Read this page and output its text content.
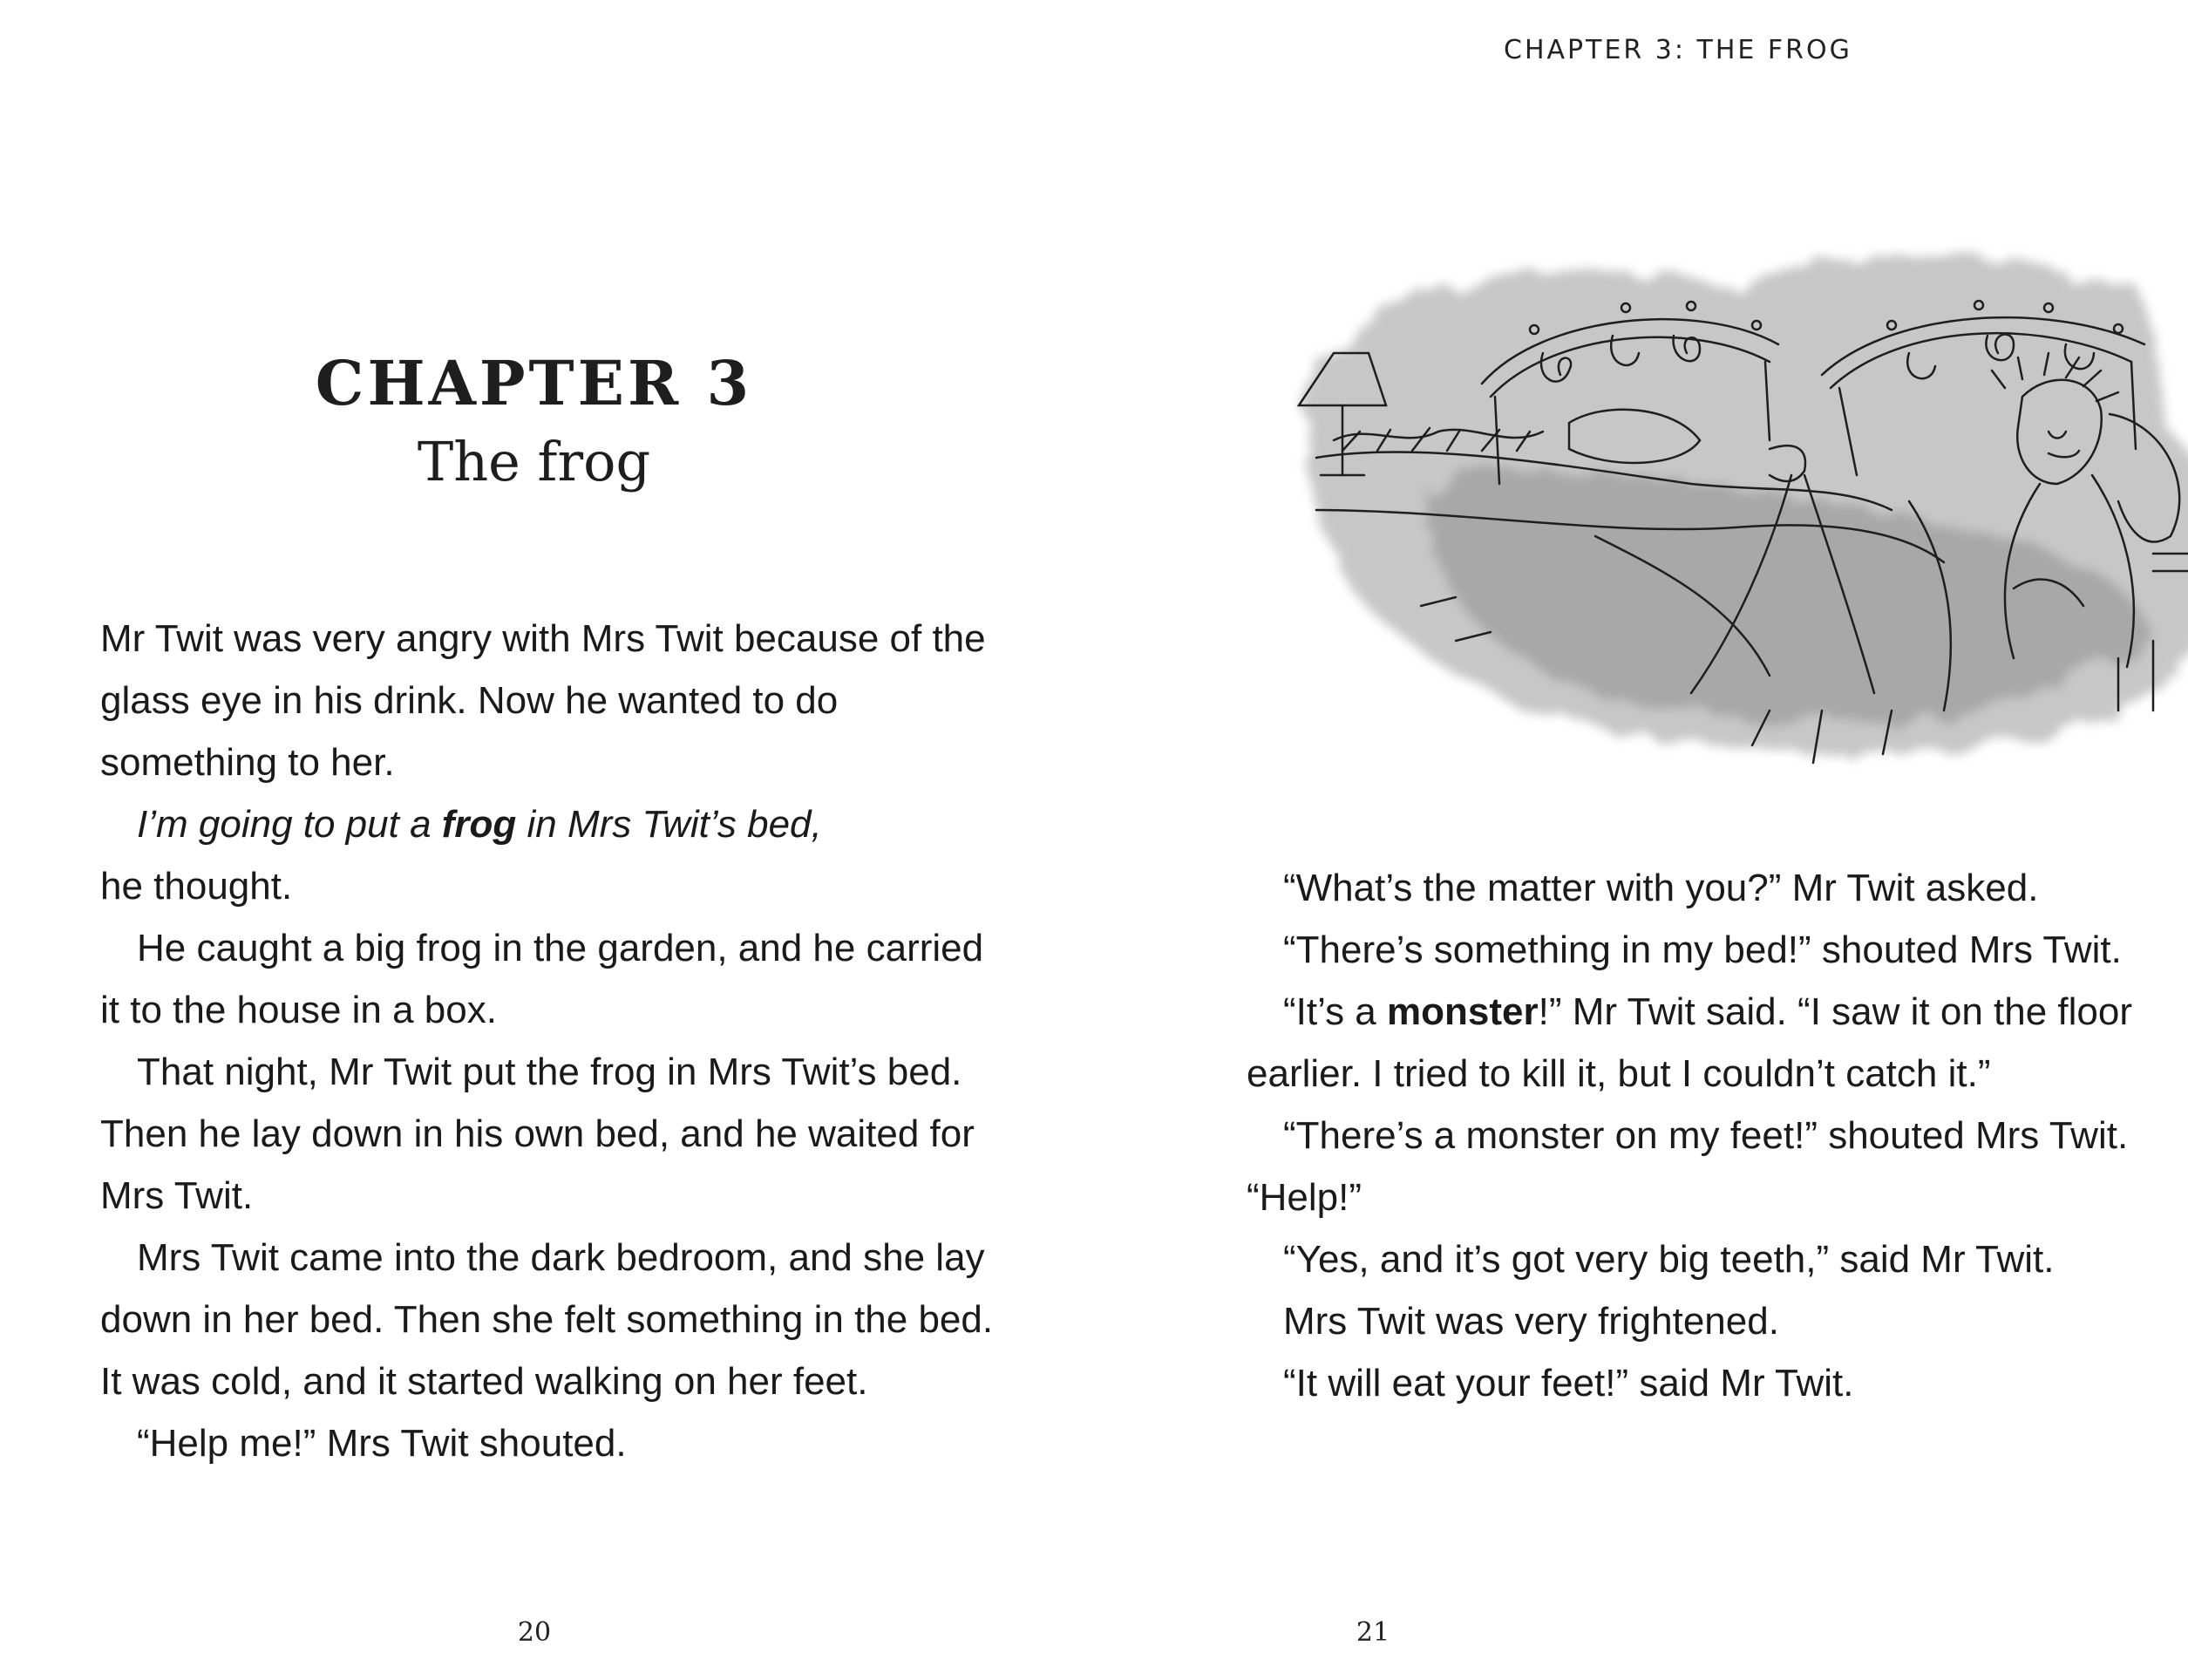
CHAPTER 3
The frog

Mr Twit was very angry with Mrs Twit because of the glass eye in his drink. Now he wanted to do something to her.

I’m going to put a frog in Mrs Twit’s bed,

he thought.

He caught a big frog in the garden, and he carried it to the house in a box.

That night, Mr Twit put the frog in Mrs Twit’s bed. Then he lay down in his own bed, and he waited for Mrs Twit.

Mrs Twit came into the dark bedroom, and she lay down in her bed. Then she felt something in the bed. It was cold, and it started walking on her feet.

“Help me!” Mrs Twit shouted.

20
CHAPTER 3: THE FROG

“What’s the matter with you?” Mr Twit asked.

“There’s something in my bed!” shouted Mrs Twit.

“It’s a monster!” Mr Twit said. “I saw it on the floor earlier. I tried to kill it, but I couldn’t catch it.”

“There’s a monster on my feet!” shouted Mrs Twit. “Help!”

“Yes, and it’s got very big teeth,” said Mr Twit.

Mrs Twit was very frightened.

“It will eat your feet!” said Mr Twit.

21
